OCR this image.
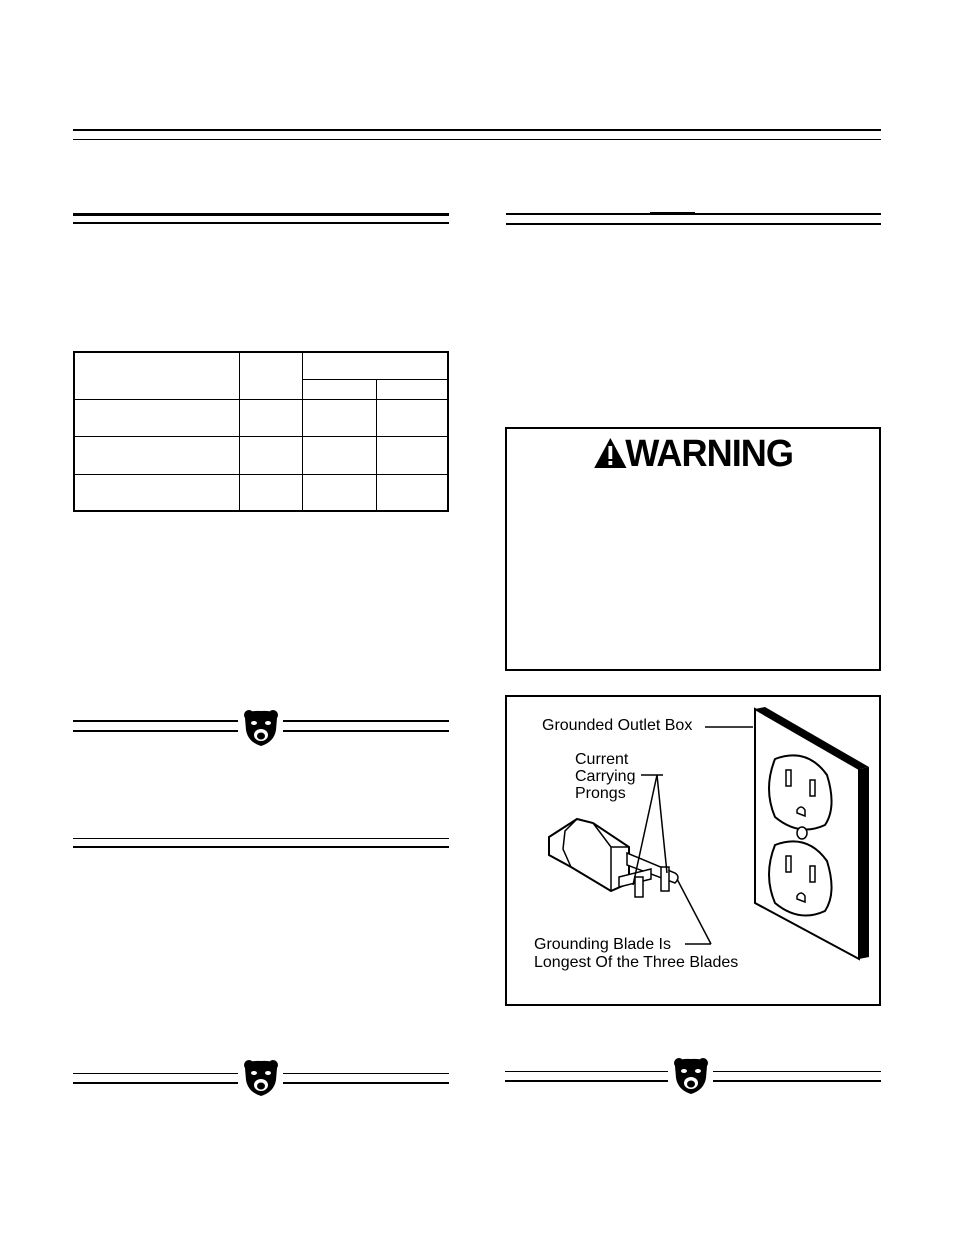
WARNING
Grounded Outlet Box
Current
Carrying
Prongs
Grounding Blade Is
Longest Of the Three Blades
